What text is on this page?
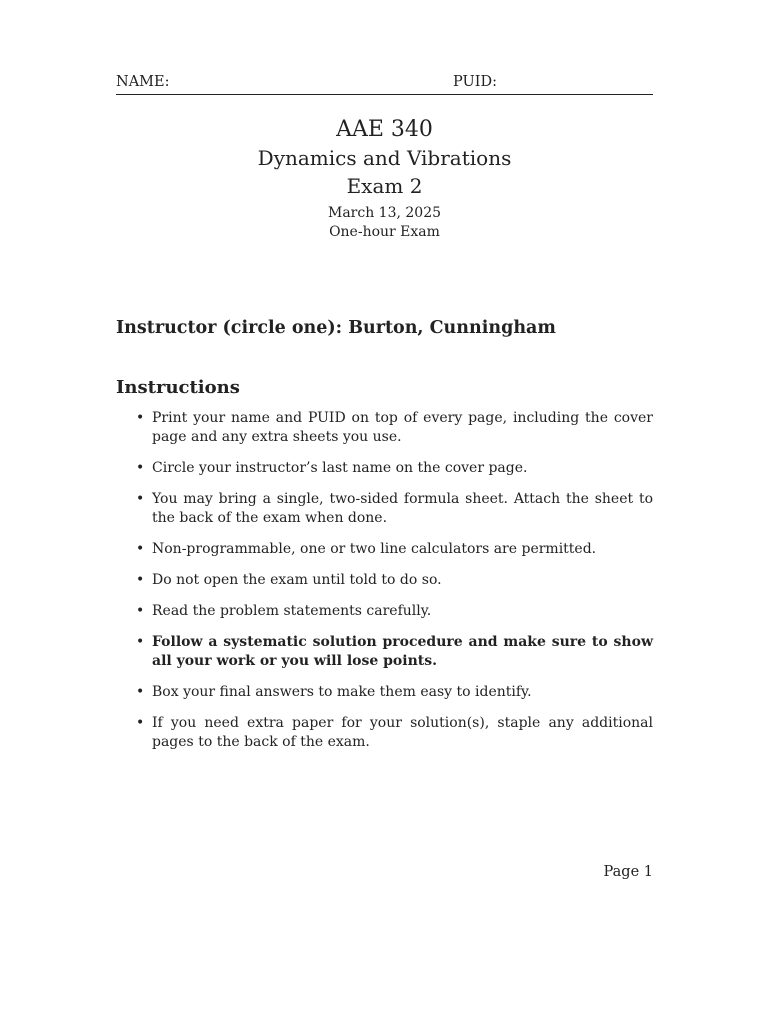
NAME:	PUID:
AAE 340
Dynamics and Vibrations
Exam 2
March 13, 2025
One-hour Exam
Instructor (circle one): Burton, Cunningham
Instructions
• Print your name and PUID on top of every page, including the cover page and any extra sheets you use.
• Circle your instructor’s last name on the cover page.
• You may bring a single, two-sided formula sheet. Attach the sheet to the back of the exam when done.
• Non-programmable, one or two line calculators are permitted.
• Do not open the exam until told to do so.
• Read the problem statements carefully.
• Follow a systematic solution procedure and make sure to show all your work or you will lose points.
• Box your final answers to make them easy to identify.
• If you need extra paper for your solution(s), staple any additional pages to the back of the exam.
Page 1
